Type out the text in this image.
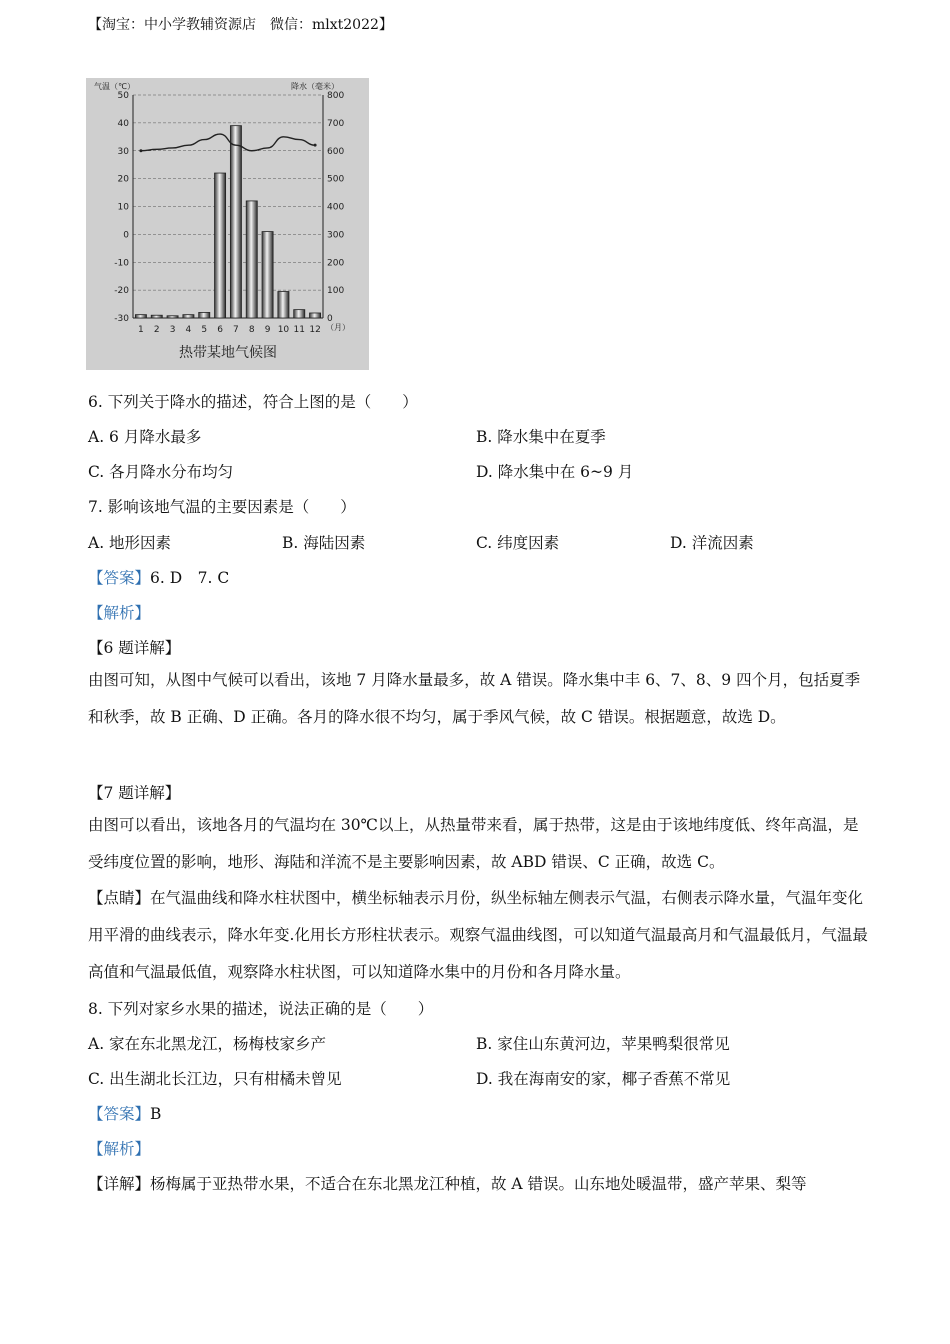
【淘宝：中小学教辅资源店　微信：mlxt2022】
50
40
30
20
10
0
-10
-20
-30
800
700
600
500
400
300
200
100
0
1 2 3 4 5 6 7 8 9 10 11 12 （月）
气温（℃）	降水（毫米）
热带某地气候图
6. 下列关于降水的描述，符合上图的是（　　）
A. 6 月降水最多	B. 降水集中在夏季
C. 各月降水分布均匀	D. 降水集中在 6~9 月
7. 影响该地气温的主要因素是（　　）
A. 地形因素	B. 海陆因素	C. 纬度因素	D. 洋流因素
【答案】6. D　7. C
【解析】
【6 题详解】
由图可知，从图中气候可以看出，该地 7 月降水量最多，故 A 错误。降水集中丰 6、7、8、9 四个月，包括夏季和秋季，故 B 正确、D 正确。各月的降水很不均匀，属于季风气候，故 C 错误。根据题意，故选 D。
【7 题详解】
由图可以看出，该地各月的气温均在 30℃以上，从热量带来看，属于热带，这是由于该地纬度低、终年高温，是受纬度位置的影响，地形、海陆和洋流不是主要影响因素，故 ABD 错误、C 正确，故选 C。
【点睛】在气温曲线和降水柱状图中，横坐标轴表示月份，纵坐标轴左侧表示气温，右侧表示降水量，气温年变化用平滑的曲线表示，降水年变.化用长方形柱状表示。观察气温曲线图，可以知道气温最高月和气温最低月，气温最高值和气温最低值，观察降水柱状图，可以知道降水集中的月份和各月降水量。
8. 下列对家乡水果的描述，说法正确的是（　　）
A. 家在东北黑龙江，杨梅枝家乡产	B. 家住山东黄河边，苹果鸭梨很常见
C. 出生湖北长江边，只有柑橘未曾见	D. 我在海南安的家，椰子香蕉不常见
【答案】B
【解析】
【详解】杨梅属于亚热带水果，不适合在东北黑龙江种植，故 A 错误。山东地处暖温带，盛产苹果、梨等
